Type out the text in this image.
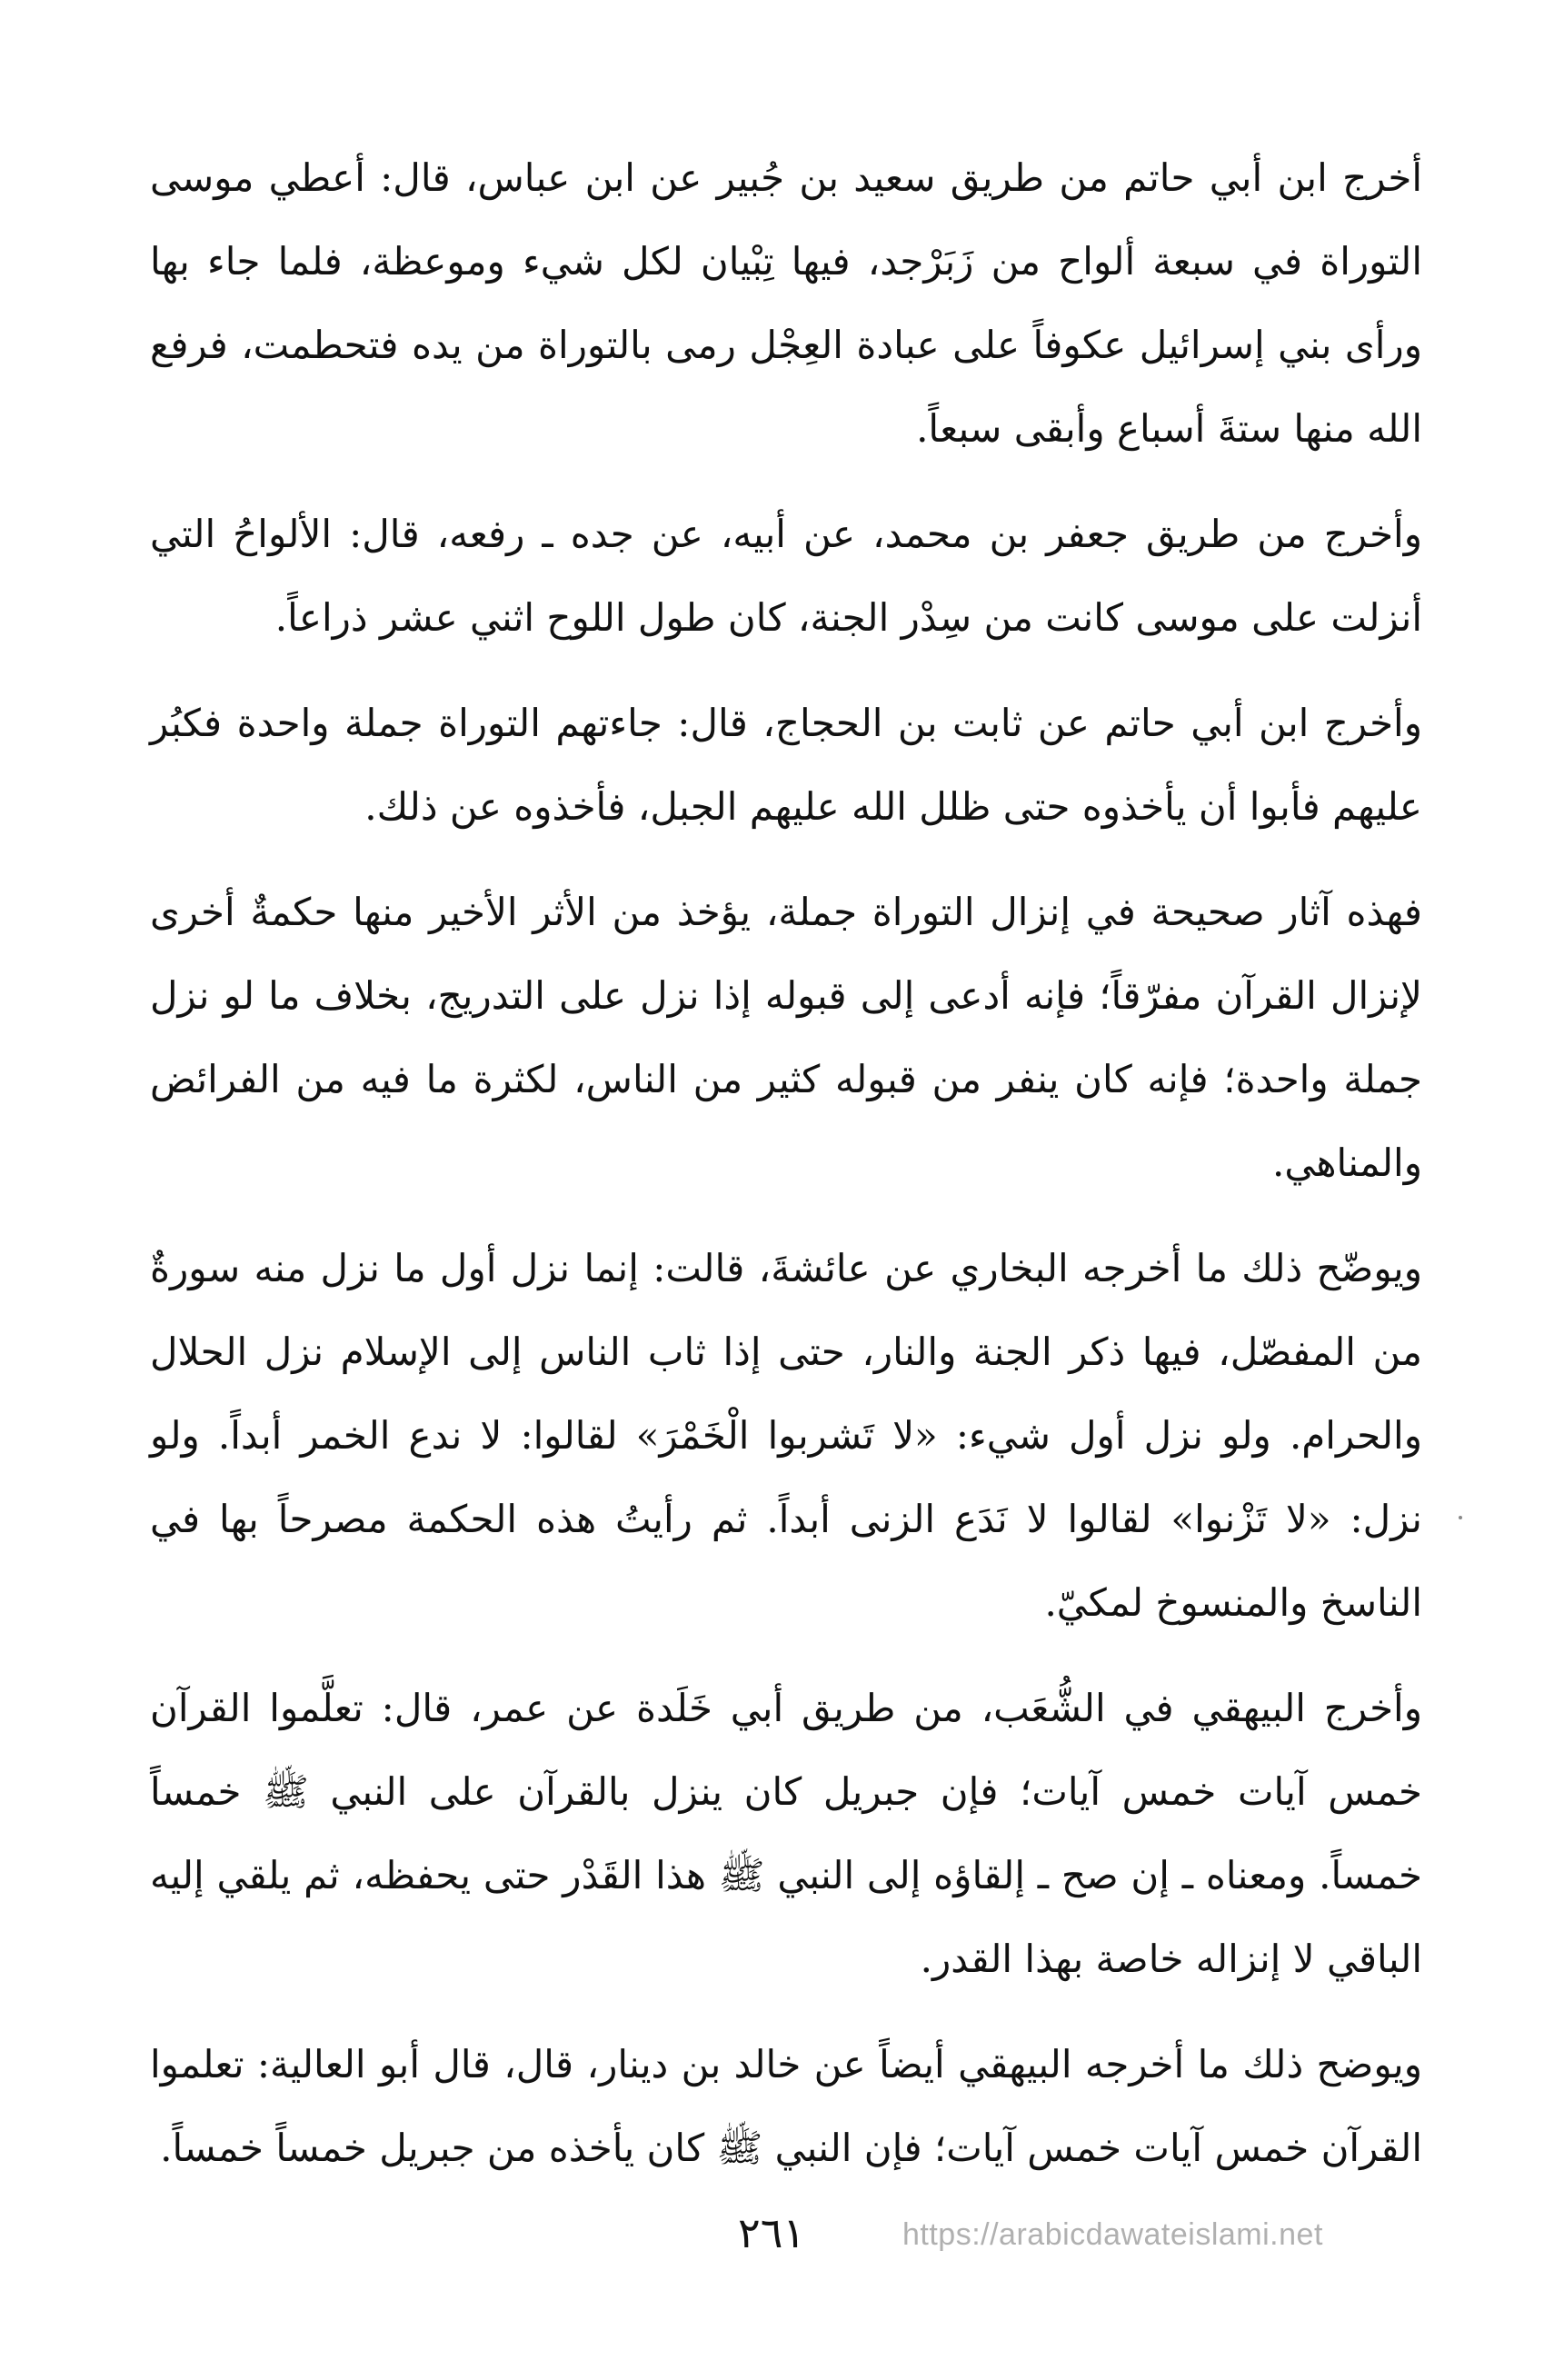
أخرج ابن أبي حاتم من طريق سعيد بن جُبير عن ابن عباس، قال: أعطي موسى التوراة في سبعة ألواح من زَبَرْجد، فيها تِبْيان لكل شيء وموعظة، فلما جاء بها ورأى بني إسرائيل عكوفاً على عبادة العِجْل رمى بالتوراة من يده فتحطمت، فرفع الله منها ستةَ أسباع وأبقى سبعاً.

وأخرج من طريق جعفر بن محمد، عن أبيه، عن جده ـ رفعه، قال: الألواحُ التي أنزلت على موسى كانت من سِدْر الجنة، كان طول اللوح اثني عشر ذراعاً.

وأخرج ابن أبي حاتم عن ثابت بن الحجاج، قال: جاءتهم التوراة جملة واحدة فكبُر عليهم فأبوا أن يأخذوه حتى ظلل الله عليهم الجبل، فأخذوه عن ذلك.

فهذه آثار صحيحة في إنزال التوراة جملة، يؤخذ من الأثر الأخير منها حكمةٌ أخرى لإنزال القرآن مفرّقاً؛ فإنه أدعى إلى قبوله إذا نزل على التدريج، بخلاف ما لو نزل جملة واحدة؛ فإنه كان ينفر من قبوله كثير من الناس، لكثرة ما فيه من الفرائض والمناهي.

ويوضّح ذلك ما أخرجه البخاري عن عائشةَ، قالت: إنما نزل أول ما نزل منه سورةٌ من المفصّل، فيها ذكر الجنة والنار، حتى إذا ثاب الناس إلى الإسلام نزل الحلال والحرام. ولو نزل أول شيء: «لا تَشربوا الْخَمْرَ» لقالوا: لا ندع الخمر أبداً. ولو نزل: «لا تَزْنوا» لقالوا لا نَدَع الزنى أبداً. ثم رأيتُ هذه الحكمة مصرحاً بها في الناسخ والمنسوخ لمكيّ.

وأخرج البيهقي في الشُّعَب، من طريق أبي خَلَدة عن عمر، قال: تعلَّموا القرآن خمس آيات خمس آيات؛ فإن جبريل كان ينزل بالقرآن على النبي ﷺ خمساً خمساً. ومعناه ـ إن صح ـ إلقاؤه إلى النبي ﷺ هذا القَدْر حتى يحفظه، ثم يلقي إليه الباقي لا إنزاله خاصة بهذا القدر.

ويوضح ذلك ما أخرجه البيهقي أيضاً عن خالد بن دينار، قال، قال أبو العالية: تعلموا القرآن خمس آيات خمس آيات؛ فإن النبي ﷺ كان يأخذه من جبريل خمساً خمساً.

٢٦١	https://arabicdawateislami.net
